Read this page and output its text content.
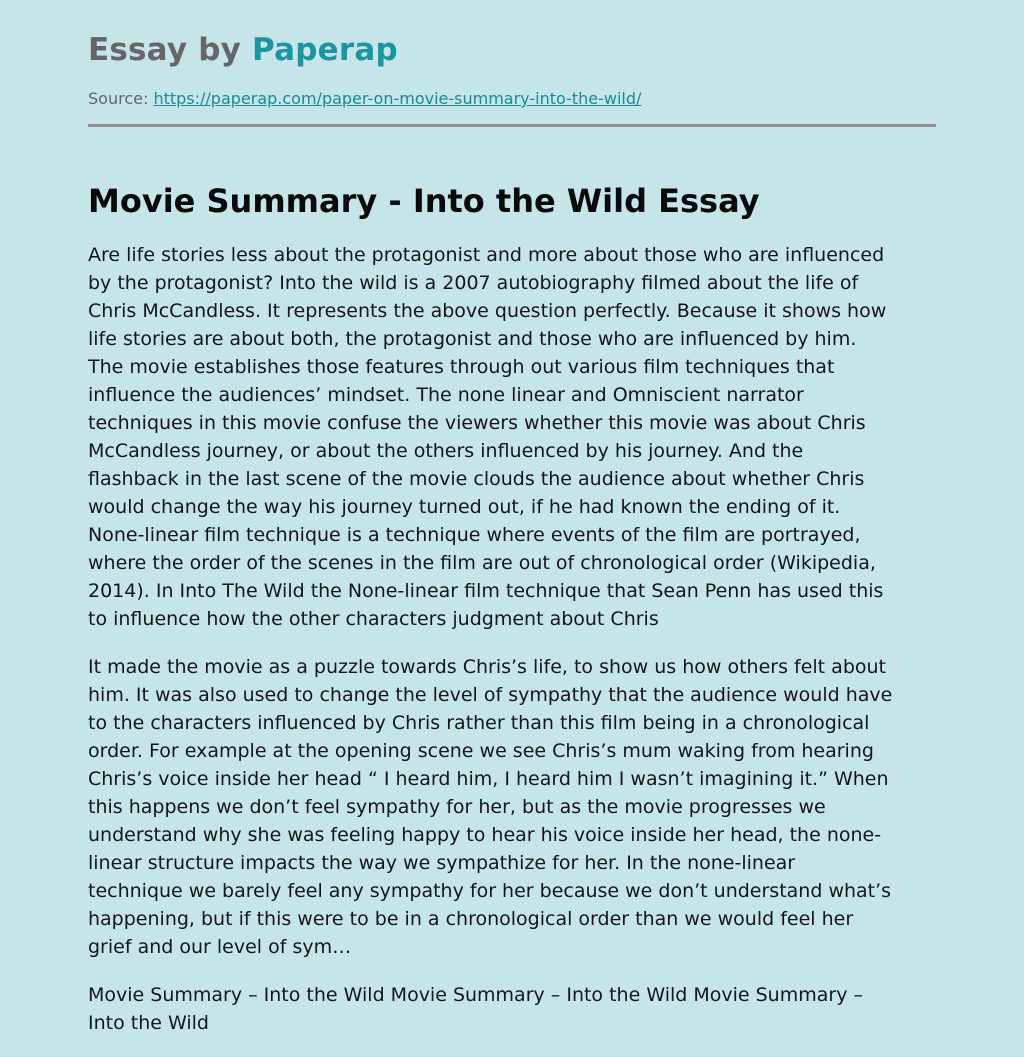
Essay by Paperap
Source: https://paperap.com/paper-on-movie-summary-into-the-wild/
Movie Summary - Into the Wild Essay

Are life stories less about the protagonist and more about those who are influenced
by the protagonist? Into the wild is a 2007 autobiography filmed about the life of
Chris McCandless. It represents the above question perfectly. Because it shows how
life stories are about both, the protagonist and those who are influenced by him.
The movie establishes those features through out various film techniques that
influence the audiences’ mindset. The none linear and Omniscient narrator
techniques in this movie confuse the viewers whether this movie was about Chris
McCandless journey, or about the others influenced by his journey. And the
flashback in the last scene of the movie clouds the audience about whether Chris
would change the way his journey turned out, if he had known the ending of it.
None-linear film technique is a technique where events of the film are portrayed,
where the order of the scenes in the film are out of chronological order (Wikipedia,
2014). In Into The Wild the None-linear film technique that Sean Penn has used this
to influence how the other characters judgment about Chris

It made the movie as a puzzle towards Chris’s life, to show us how others felt about
him. It was also used to change the level of sympathy that the audience would have
to the characters influenced by Chris rather than this film being in a chronological
order. For example at the opening scene we see Chris’s mum waking from hearing
Chris’s voice inside her head “ I heard him, I heard him I wasn’t imagining it.” When
this happens we don’t feel sympathy for her, but as the movie progresses we
understand why she was feeling happy to hear his voice inside her head, the none-
linear structure impacts the way we sympathize for her. In the none-linear
technique we barely feel any sympathy for her because we don’t understand what’s
happening, but if this were to be in a chronological order than we would feel her
grief and our level of sym…

Movie Summary – Into the Wild Movie Summary – Into the Wild Movie Summary –
Into the Wild
